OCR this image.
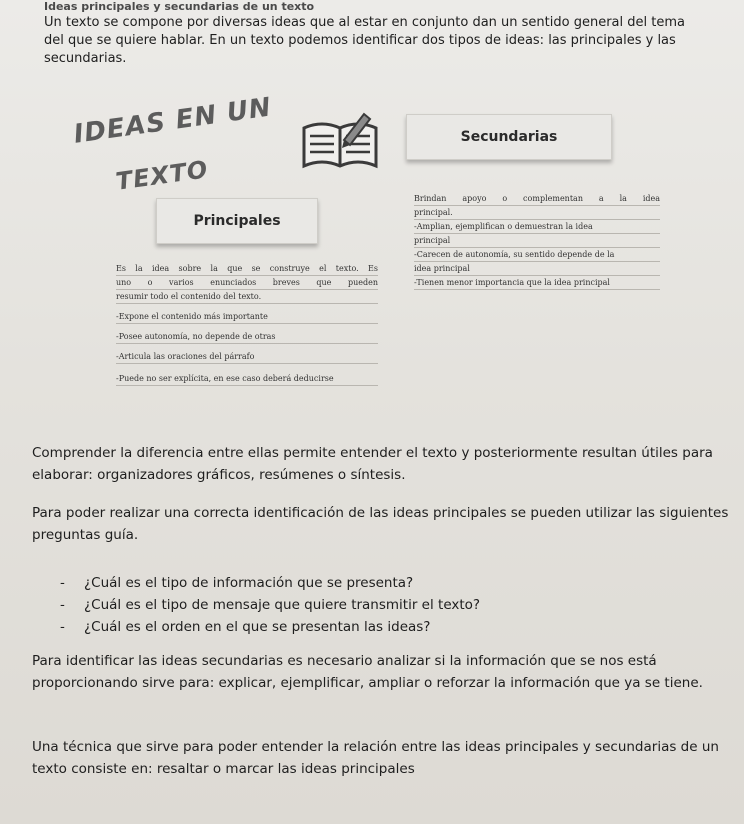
Ideas principales y secundarias de un texto

Un texto se compone por diversas ideas que al estar en conjunto dan un sentido general del tema del que se quiere hablar. En un texto podemos identificar dos tipos de ideas: las principales y las secundarias.

IDEAS EN UN
TEXTO
Secundarias
Principales

Brindan apoyo o complementan a la idea

principal.

-Amplian, ejemplifican o demuestran la idea

principal

-Carecen de autonomía, su sentido depende de la

idea principal

-Tienen menor importancia que la idea principal

Es la idea sobre la que se construye el texto. Es

uno o varios enunciados breves que pueden

resumir todo el contenido del texto.

-Expone el contenido más importante

-Posee autonomía, no depende de otras

-Articula las oraciones del párrafo

-Puede no ser explícita, en ese caso deberá deducirse

Comprender la diferencia entre ellas permite entender el texto y posteriormente resultan útiles para elaborar: organizadores gráficos, resúmenes o síntesis.

Para poder realizar una correcta identificación de las ideas principales se pueden utilizar las siguientes preguntas guía.

-	¿Cuál es el tipo de información que se presenta?
-	¿Cuál es el tipo de mensaje que quiere transmitir el texto?
-	¿Cuál es el orden en el que se presentan las ideas?

Para identificar las ideas secundarias es necesario analizar si la información que se nos está proporcionando sirve para: explicar, ejemplificar, ampliar o reforzar la información que ya se tiene.

Una técnica que sirve para poder entender la relación entre las ideas principales y secundarias de un texto consiste en: resaltar o marcar las ideas principales
